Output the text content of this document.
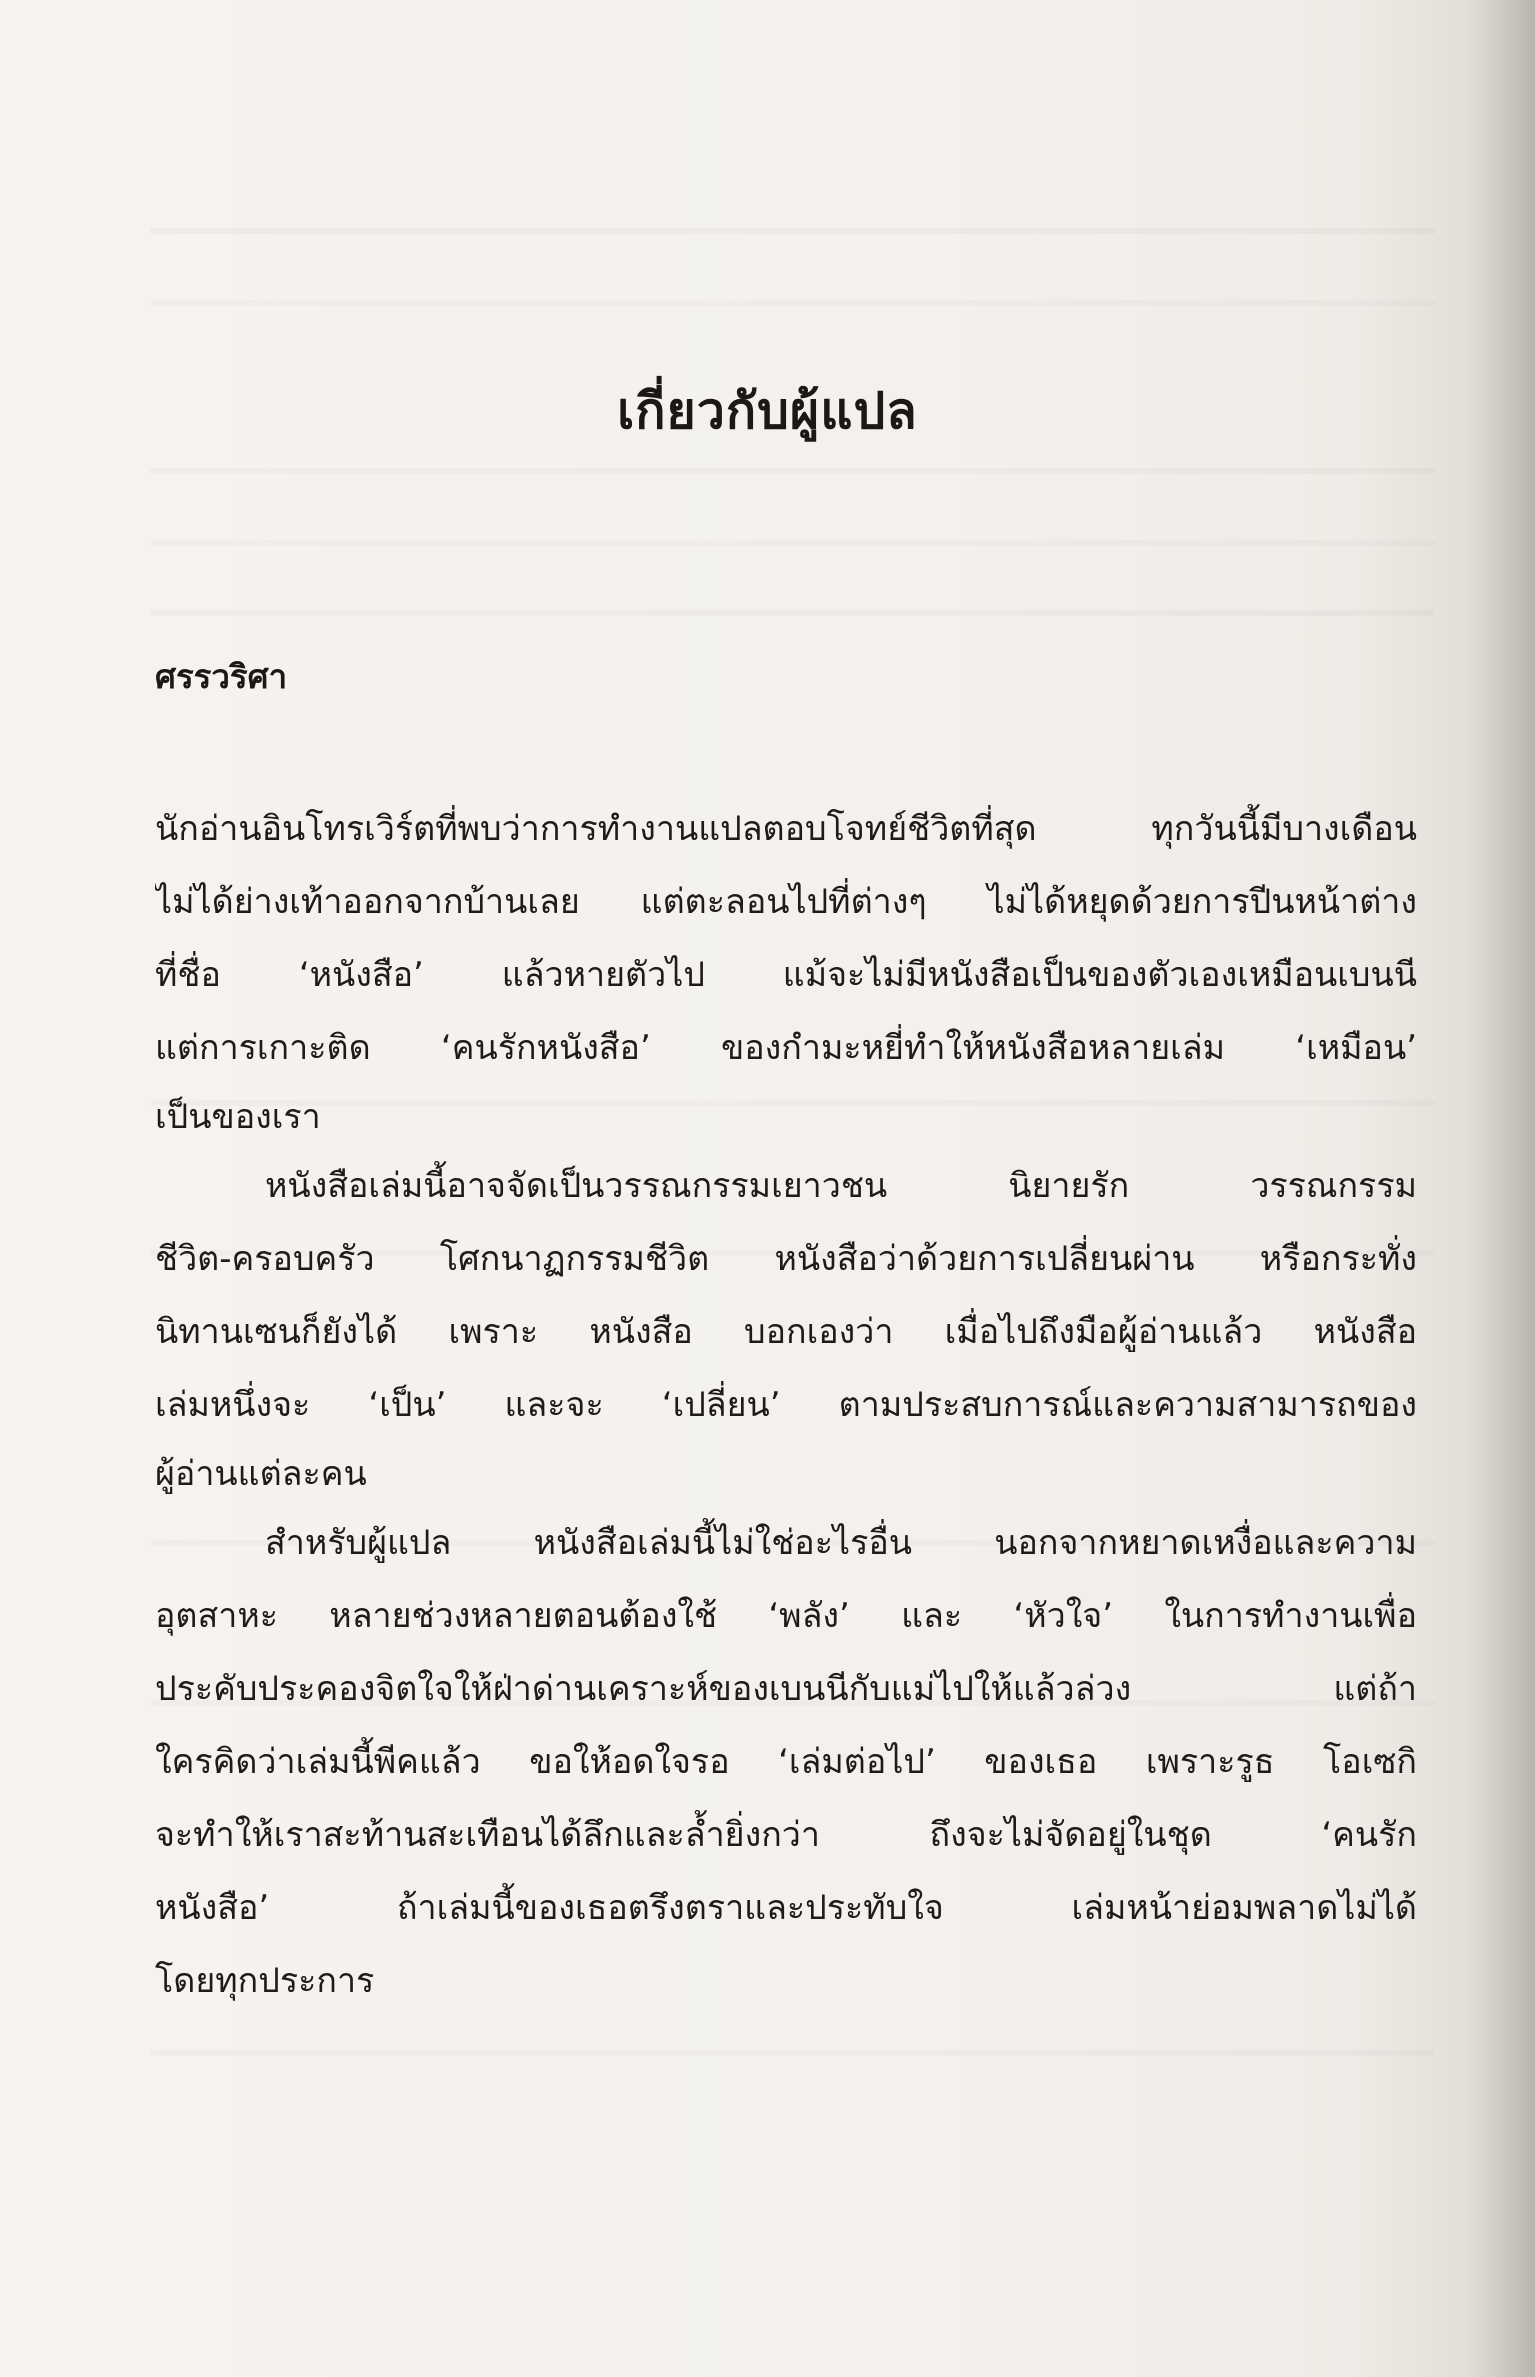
เกี่ยวกับผู้แปล
ศรรวริศา
นักอ่านอินโทรเวิร์ตที่พบว่าการทำงานแปลตอบโจทย์ชีวิตที่สุด ทุกวันนี้มีบางเดือน
ไม่ได้ย่างเท้าออกจากบ้านเลย แต่ตะลอนไปที่ต่างๆ ไม่ได้หยุดด้วยการปีนหน้าต่าง
ที่ชื่อ ‘หนังสือ’ แล้วหายตัวไป แม้จะไม่มีหนังสือเป็นของตัวเองเหมือนเบนนี
แต่การเกาะติด ‘คนรักหนังสือ’ ของกำมะหยี่ทำให้หนังสือหลายเล่ม ‘เหมือน’
เป็นของเรา
หนังสือเล่มนี้อาจจัดเป็นวรรณกรรมเยาวชน นิยายรัก วรรณกรรม
ชีวิต-ครอบครัว โศกนาฏกรรมชีวิต หนังสือว่าด้วยการเปลี่ยนผ่าน หรือกระทั่ง
นิทานเซนก็ยังได้ เพราะ หนังสือ บอกเองว่า เมื่อไปถึงมือผู้อ่านแล้ว หนังสือ
เล่มหนึ่งจะ ‘เป็น’ และจะ ‘เปลี่ยน’ ตามประสบการณ์และความสามารถของ
ผู้อ่านแต่ละคน
สำหรับผู้แปล หนังสือเล่มนี้ไม่ใช่อะไรอื่น นอกจากหยาดเหงื่อและความ
อุตสาหะ หลายช่วงหลายตอนต้องใช้ ‘พลัง’ และ ‘หัวใจ’ ในการทำงานเพื่อ
ประคับประคองจิตใจให้ฝ่าด่านเคราะห์ของเบนนีกับแม่ไปให้แล้วล่วง แต่ถ้า
ใครคิดว่าเล่มนี้พีคแล้ว ขอให้อดใจรอ ‘เล่มต่อไป’ ของเธอ เพราะรูธ โอเซกิ
จะทำให้เราสะท้านสะเทือนได้ลึกและล้ำยิ่งกว่า ถึงจะไม่จัดอยู่ในชุด ‘คนรัก
หนังสือ’ ถ้าเล่มนี้ของเธอตรึงตราและประทับใจ เล่มหน้าย่อมพลาดไม่ได้
โดยทุกประการ
